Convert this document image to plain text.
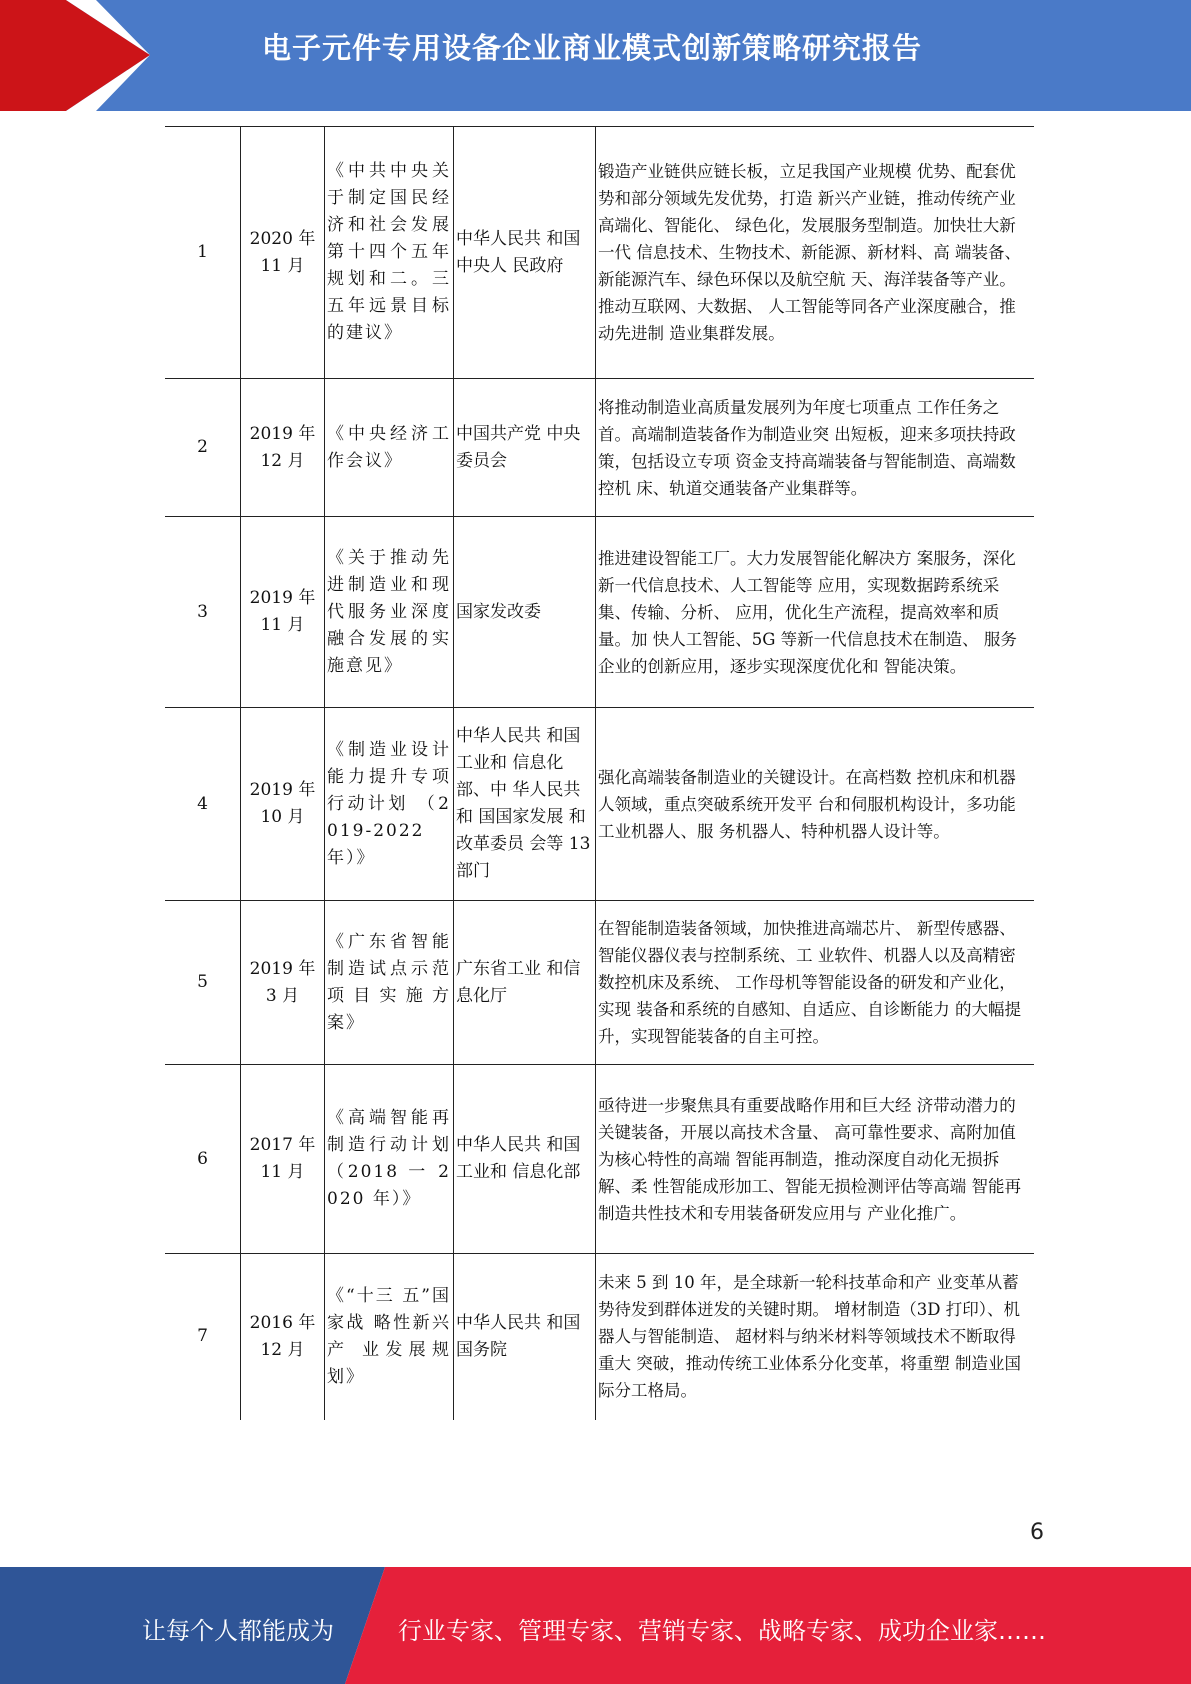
电子元件专用设备企业商业模式创新策略研究报告
1	2020 年 11 月	《中共中央关于制定国民经济和社会发展第十四个五年规划和二。三五年远景目标的建议》	中华人民共 和国中央人 民政府	锻造产业链供应链长板，立足我国产业规模 优势、配套优势和部分领域先发优势，打造 新兴产业链，推动传统产业高端化、智能化、 绿色化，发展服务型制造。加快壮大新一代 信息技术、生物技术、新能源、新材料、高 端装备、新能源汽车、绿色环保以及航空航 天、海洋装备等产业。推动互联网、大数据、 人工智能等同各产业深度融合，推动先进制 造业集群发展。
2	2019 年 12 月	《中央经济工作会议》	中国共产党 中央委员会	将推动制造业高质量发展列为年度七项重点 工作任务之首。高端制造装备作为制造业突 出短板，迎来多项扶持政策，包括设立专项 资金支持高端装备与智能制造、高端数控机 床、轨道交通装备产业集群等。
3	2019 年 11 月	《关于推动先进制造业和现代服务业深度融合发展的实施意见》	国家发改委	推进建设智能工厂。大力发展智能化解决方 案服务，深化新一代信息技术、人工智能等 应用，实现数据跨系统采集、传输、分析、 应用，优化生产流程，提高效率和质量。加 快人工智能、5G 等新一代信息技术在制造、 服务企业的创新应用，逐步实现深度优化和 智能决策。
4	2019 年 10 月	《制造业设计能力提升专项行动计划 （2019-2022 年）》	中华人民共 和国工业和 信息化部、中 华人民共和 国国家发展 和改革委员 会等 13 部门	强化高端装备制造业的关键设计。在高档数 控机床和机器人领域，重点突破系统开发平 台和伺服机构设计，多功能工业机器人、服 务机器人、特种机器人设计等。
5	2019 年 3 月	《广东省智能制造试点示范项目实施方案》	广东省工业 和信息化厅	在智能制造装备领域，加快推进高端芯片、 新型传感器、智能仪器仪表与控制系统、工 业软件、机器人以及高精密数控机床及系统、 工作母机等智能设备的研发和产业化，实现 装备和系统的自感知、自适应、自诊断能力 的大幅提升，实现智能装备的自主可控。
6	2017 年 11 月	《高端智能再制造行动计划（2018 一 2020 年）》	中华人民共 和国工业和 信息化部	亟待进一步聚焦具有重要战略作用和巨大经 济带动潜力的关键装备，开展以高技术含量、 高可靠性要求、高附加值为核心特性的高端 智能再制造，推动深度自动化无损拆解、柔 性智能成形加工、智能无损检测评估等高端 智能再制造共性技术和专用装备研发应用与 产业化推广。
7	2016 年 12 月	《“十三 五”国家战 略性新兴产 业发展规 划》	中华人民共 和国国务院	未来 5 到 10 年，是全球新一轮科技革命和产 业变革从蓄势待发到群体迸发的关键时期。 增材制造（3D 打印）、机器人与智能制造、 超材料与纳米材料等领域技术不断取得重大 突破，推动传统工业体系分化变革，将重塑 制造业国际分工格局。
6
让每个人都能成为	行业专家、管理专家、营销专家、战略专家、成功企业家……
